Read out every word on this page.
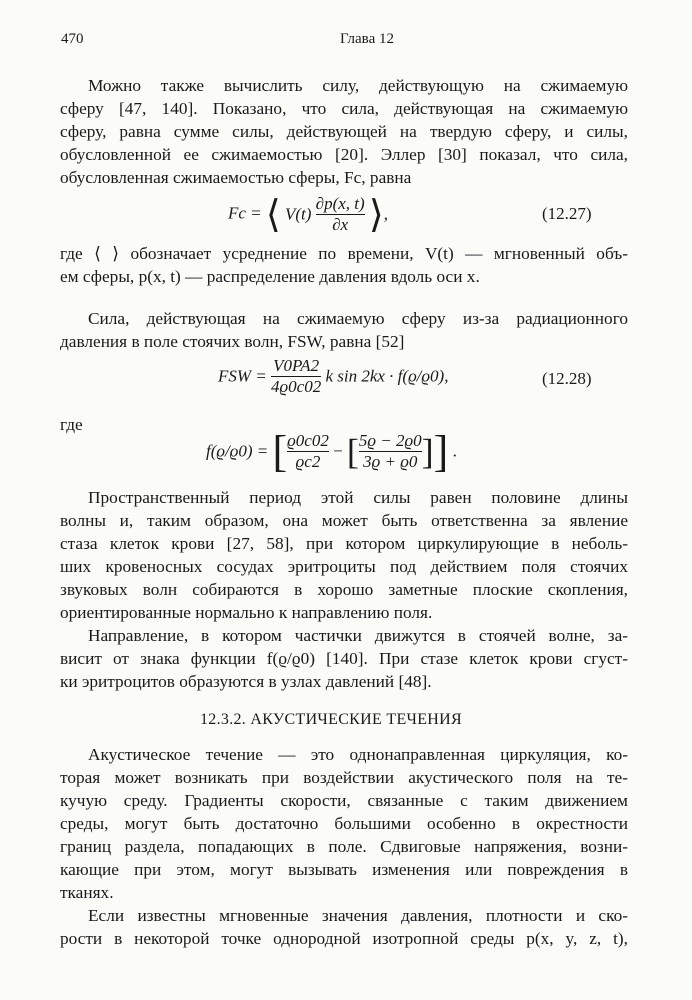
470	Глава 12
Можно также вычислить силу, действующую на сжимаемую
сферу [47, 140]. Показано, что сила, действующая на сжимаемую
сферу, равна сумме силы, действующей на твердую сферу, и силы,
обусловленной ее сжимаемостью [20]. Эллер [30] показал, что сила,
обусловленная сжимаемостью сферы, Fc, равна
Fc = ⟨ $V(t) \frac{\partial p(x, t)}{\partial x}$ ⟩,	(12.27)
где ⟨ ⟩ обозначает усреднение по времени, V(t) — мгновенный объ-
ем сферы, p(x, t) — распределение давления вдоль оси x.
Сила, действующая на сжимаемую сферу из-за радиационного
давления в поле стоячих волн, FSW, равна [52]
FSW = $\frac{V0PA2}{4ϱ0c02}$ k sin 2kx · f(ϱ/ϱ0),	(12.28)
где
f(ϱ/ϱ0) = [ $\frac{ϱ0c02}{ϱc2}$ − [ $\frac{5ϱ - 2ϱ0}{3ϱ + ϱ0}$ ]] .
Пространственный период этой силы равен половине длины
волны и, таким образом, она может быть ответственна за явление
стаза клеток крови [27, 58], при котором циркулирующие в неболь-
ших кровеносных сосудах эритроциты под действием поля стоячих
звуковых волн собираются в хорошо заметные плоские скопления,
ориентированные нормально к направлению поля.
Направление, в котором частички движутся в стоячей волне, за-
висит от знака функции f(ϱ/ϱ0) [140]. При стазе клеток крови сгуст-
ки эритроцитов образуются в узлах давлений [48].
12.3.2. АКУСТИЧЕСКИЕ ТЕЧЕНИЯ
Акустическое течение — это однонаправленная циркуляция, ко-
торая может возникать при воздействии акустического поля на те-
кучую среду. Градиенты скорости, связанные с таким движением
среды, могут быть достаточно большими особенно в окрестности
границ раздела, попадающих в поле. Сдвиговые напряжения, возни-
кающие при этом, могут вызывать изменения или повреждения в
тканях.
Если известны мгновенные значения давления, плотности и ско-
рости в некоторой точке однородной изотропной среды p(x, y, z, t),
